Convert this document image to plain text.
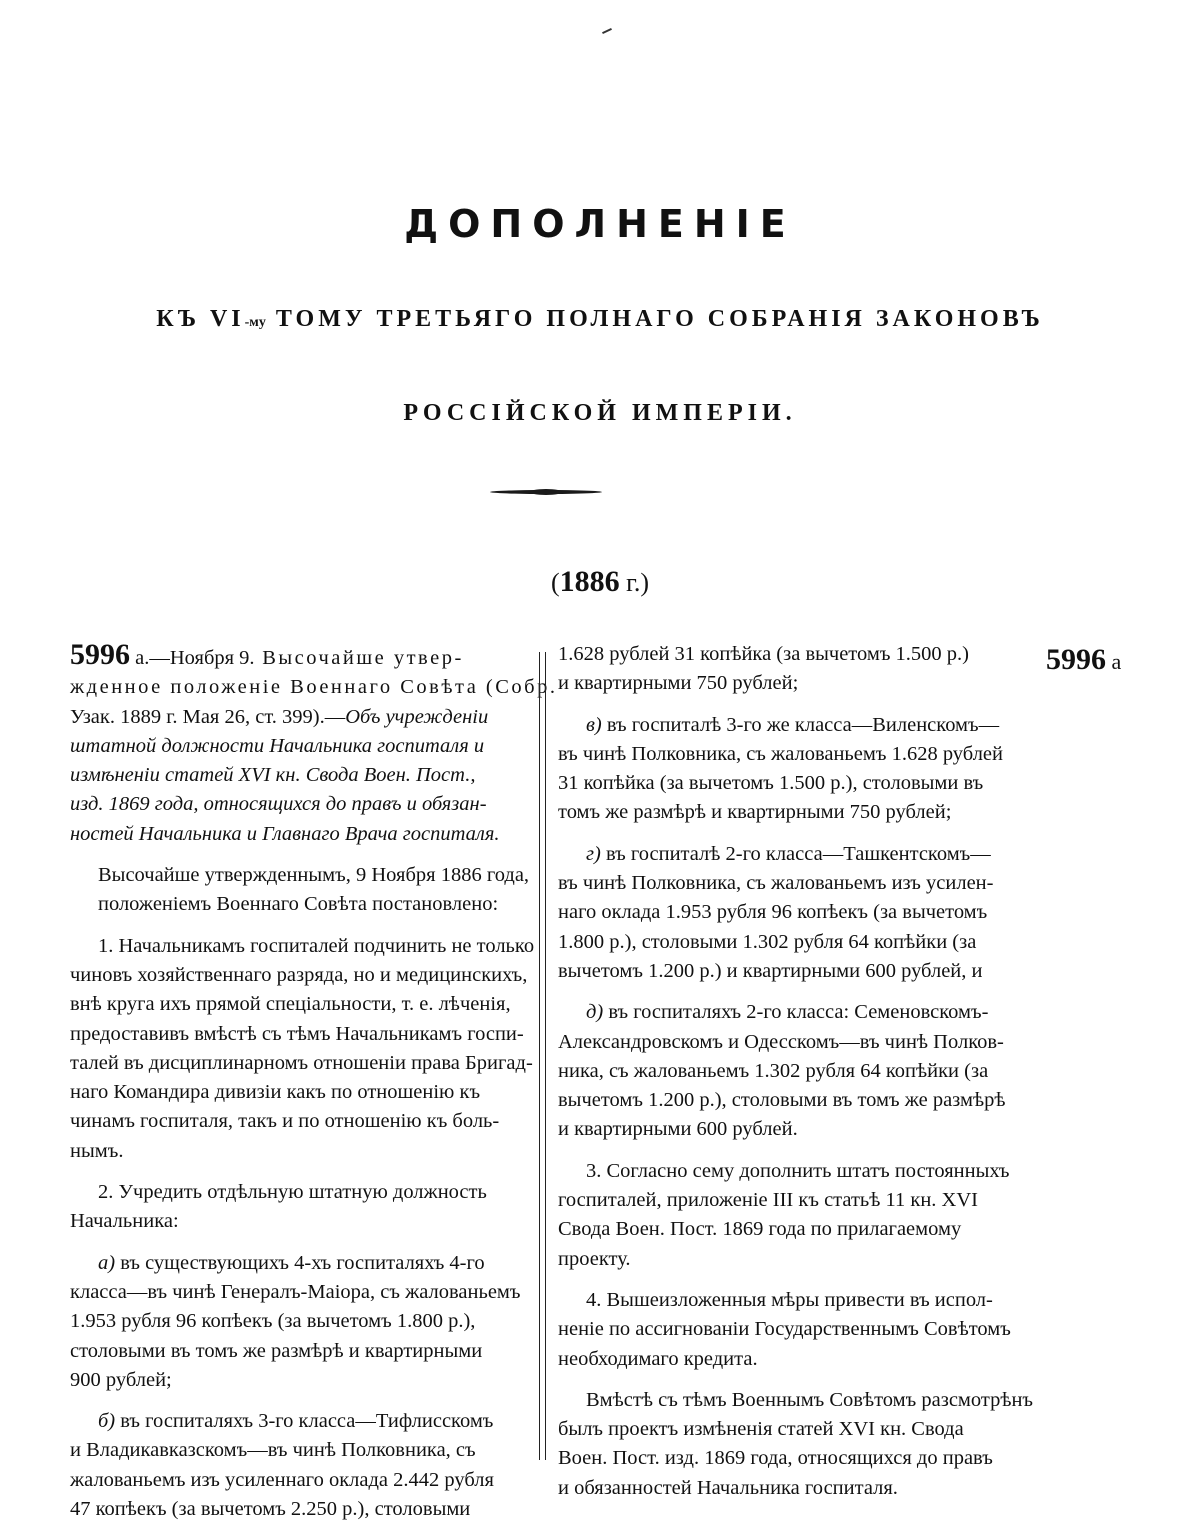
ДОПОЛНЕНІЕ
КЪ VI-му ТОМУ ТРЕТЬЯГО ПОЛНАГО СОБРАНІЯ ЗАКОНОВЪ
РОССІЙСКОЙ ИМПЕРІИ.
(1886 г.)

5996 а.—Ноября 9. Высочайше утвер-
жденное положеніе Военнаго Совѣта (Собр.
Узак. 1889 г. Мая 26, ст. 399).—Объ учрежденіи
штатной должности Начальника госпиталя и
измѣненіи статей XVI кн. Свода Воен. Пост.,
изд. 1869 года, относящихся до правъ и обязан-
ностей Начальника и Главнаго Врача госпиталя.

Высочайше утвержденнымъ, 9 Ноября 1886 года,
положеніемъ Военнаго Совѣта постановлено:

1. Начальникамъ госпиталей подчинить не только
чиновъ хозяйственнаго разряда, но и медицинскихъ,
внѣ круга ихъ прямой спеціальности, т. е. лѣченія,
предоставивъ вмѣстѣ съ тѣмъ Начальникамъ госпи-
талей въ дисциплинарномъ отношеніи права Бригад-
наго Командира дивизіи какъ по отношенію къ
чинамъ госпиталя, такъ и по отношенію къ боль-
нымъ.

2. Учредить отдѣльную штатную должность
Начальника:

а) въ существующихъ 4-хъ госпиталяхъ 4-го
класса—въ чинѣ Генералъ-Маіора, съ жалованьемъ
1.953 рубля 96 копѣекъ (за вычетомъ 1.800 р.),
столовыми въ томъ же размѣрѣ и квартирными
900 рублей;

б) въ госпиталяхъ 3-го класса—Тифлисскомъ
и Владикавказскомъ—въ чинѣ Полковника, съ
жалованьемъ изъ усиленнаго оклада 2.442 рубля
47 копѣекъ (за вычетомъ 2.250 р.), столовыми

1.628 рублей 31 копѣйка (за вычетомъ 1.500 р.)
и квартирными 750 рублей;

в) въ госпиталѣ 3-го же класса—Виленскомъ—
въ чинѣ Полковника, съ жалованьемъ 1.628 рублей
31 копѣйка (за вычетомъ 1.500 р.), столовыми въ
томъ же размѣрѣ и квартирными 750 рублей;

г) въ госпиталѣ 2-го класса—Ташкентскомъ—
въ чинѣ Полковника, съ жалованьемъ изъ усилен-
наго оклада 1.953 рубля 96 копѣекъ (за вычетомъ
1.800 р.), столовыми 1.302 рубля 64 копѣйки (за
вычетомъ 1.200 р.) и квартирными 600 рублей, и

д) въ госпиталяхъ 2-го класса: Семеновскомъ-
Александровскомъ и Одесскомъ—въ чинѣ Полков-
ника, съ жалованьемъ 1.302 рубля 64 копѣйки (за
вычетомъ 1.200 р.), столовыми въ томъ же размѣрѣ
и квартирными 600 рублей.

3. Согласно сему дополнить штатъ постоянныхъ
госпиталей, приложеніе III къ статьѣ 11 кн. XVI
Свода Воен. Пост. 1869 года по прилагаемому
проекту.

4. Вышеизложенныя мѣры привести въ испол-
неніе по ассигнованіи Государственнымъ Совѣтомъ
необходимаго кредита.

Вмѣстѣ съ тѣмъ Военнымъ Совѣтомъ разсмотрѣнъ
былъ проектъ измѣненія статей XVI кн. Свода
Воен. Пост. изд. 1869 года, относящихся до правъ
и обязанностей Начальника госпиталя.

5996 а
